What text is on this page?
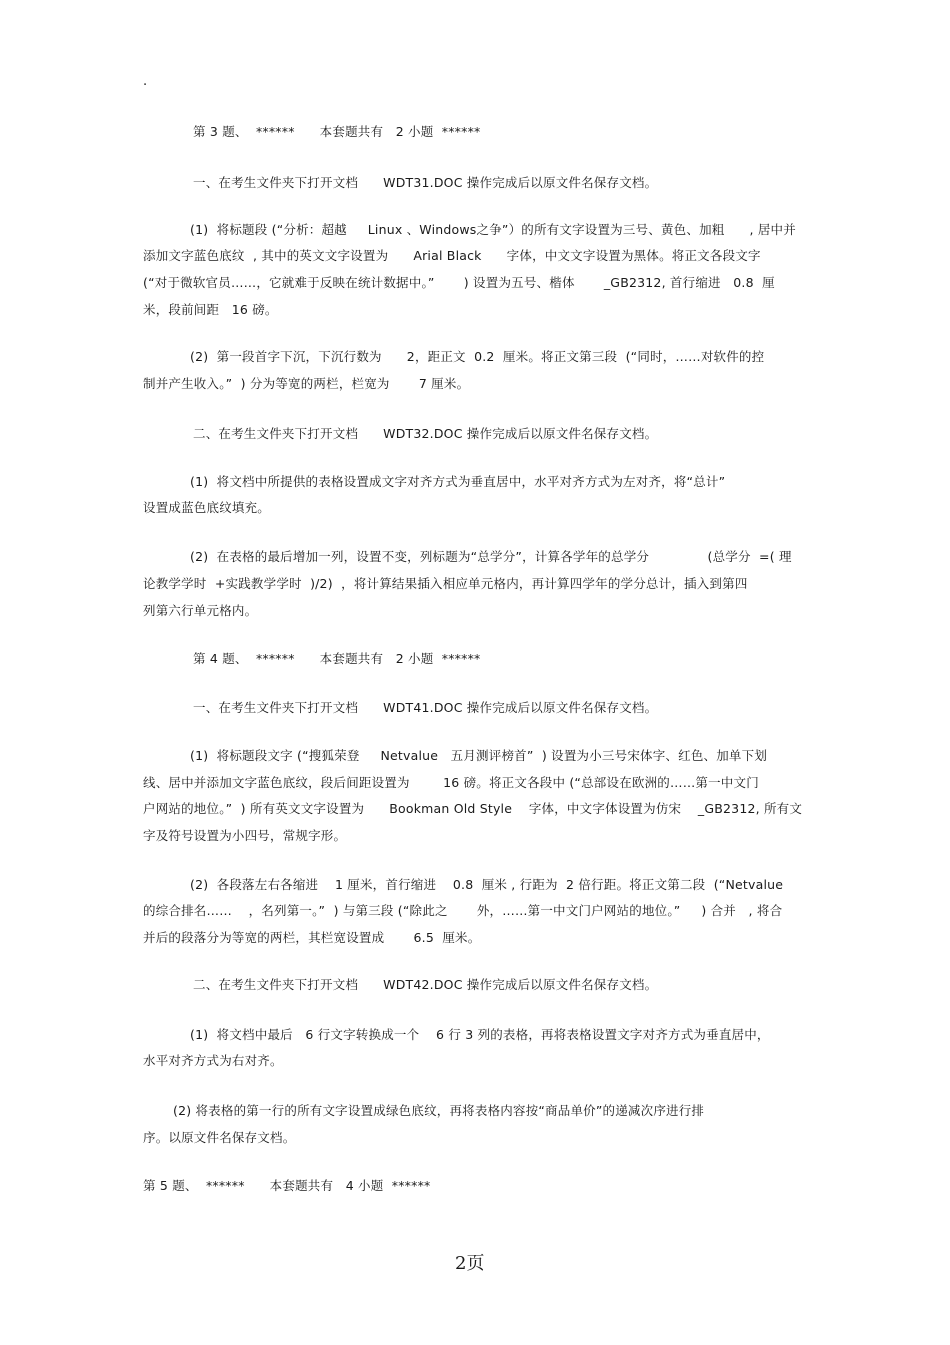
.
第 3 题、  ******      本套题共有   2 小题  ******
一、在考生文件夹下打开文档      WDT31.DOC 操作完成后以原文件名保存文档。
(1)  将标题段 (“分析：超越     Linux 、Windows之争”）的所有文字设置为三号、黄色、加粗      , 居中并
添加文字蓝色底纹  , 其中的英文文字设置为      Arial Black      字体，中文文字设置为黑体。将正文各段文字
(“对于微软官员……，它就难于反映在统计数据中。”       ) 设置为五号、楷体       _GB2312, 首行缩进   0.8  厘
米，段前间距   16 磅。
(2)  第一段首字下沉，下沉行数为      2，距正文  0.2  厘米。将正文第三段  (“同时，……对软件的控
制并产生收入。”  ) 分为等宽的两栏，栏宽为       7 厘米。
二、在考生文件夹下打开文档      WDT32.DOC 操作完成后以原文件名保存文档。
(1)  将文档中所提供的表格设置成文字对齐方式为垂直居中，水平对齐方式为左对齐，将“总计”
设置成蓝色底纹填充。
(2)  在表格的最后增加一列，设置不变，列标题为“总学分”，计算各学年的总学分              (总学分  =( 理
论教学学时  +实践教学学时  )/2)  ，将计算结果插入相应单元格内，再计算四学年的学分总计，插入到第四
列第六行单元格内。
第 4 题、  ******      本套题共有   2 小题  ******
一、在考生文件夹下打开文档      WDT41.DOC 操作完成后以原文件名保存文档。
(1)  将标题段文字 (“搜狐荣登     Netvalue   五月测评榜首”  ) 设置为小三号宋体字、红色、加单下划
线、居中并添加文字蓝色底纹，段后间距设置为        16 磅。将正文各段中 (“总部设在欧洲的……第一中文门
户网站的地位。”  ) 所有英文文字设置为      Bookman Old Style    字体，中文字体设置为仿宋    _GB2312, 所有文
字及符号设置为小四号，常规字形。
(2)  各段落左右各缩进    1 厘米，首行缩进    0.8  厘米 , 行距为  2 倍行距。将正文第二段  (“Netvalue
的综合排名……    ，名列第一。”  ) 与第三段 (“除此之       外，……第一中文门户网站的地位。”     ) 合并   , 将合
并后的段落分为等宽的两栏，其栏宽设置成       6.5  厘米。
二、在考生文件夹下打开文档      WDT42.DOC 操作完成后以原文件名保存文档。
(1)  将文档中最后   6 行文字转换成一个    6 行 3 列的表格，再将表格设置文字对齐方式为垂直居中，
水平对齐方式为右对齐。
(2) 将表格的第一行的所有文字设置成绿色底纹，再将表格内容按“商品单价”的递减次序进行排
序。以原文件名保存文档。
第 5 题、  ******      本套题共有   4 小题  ******
2页
